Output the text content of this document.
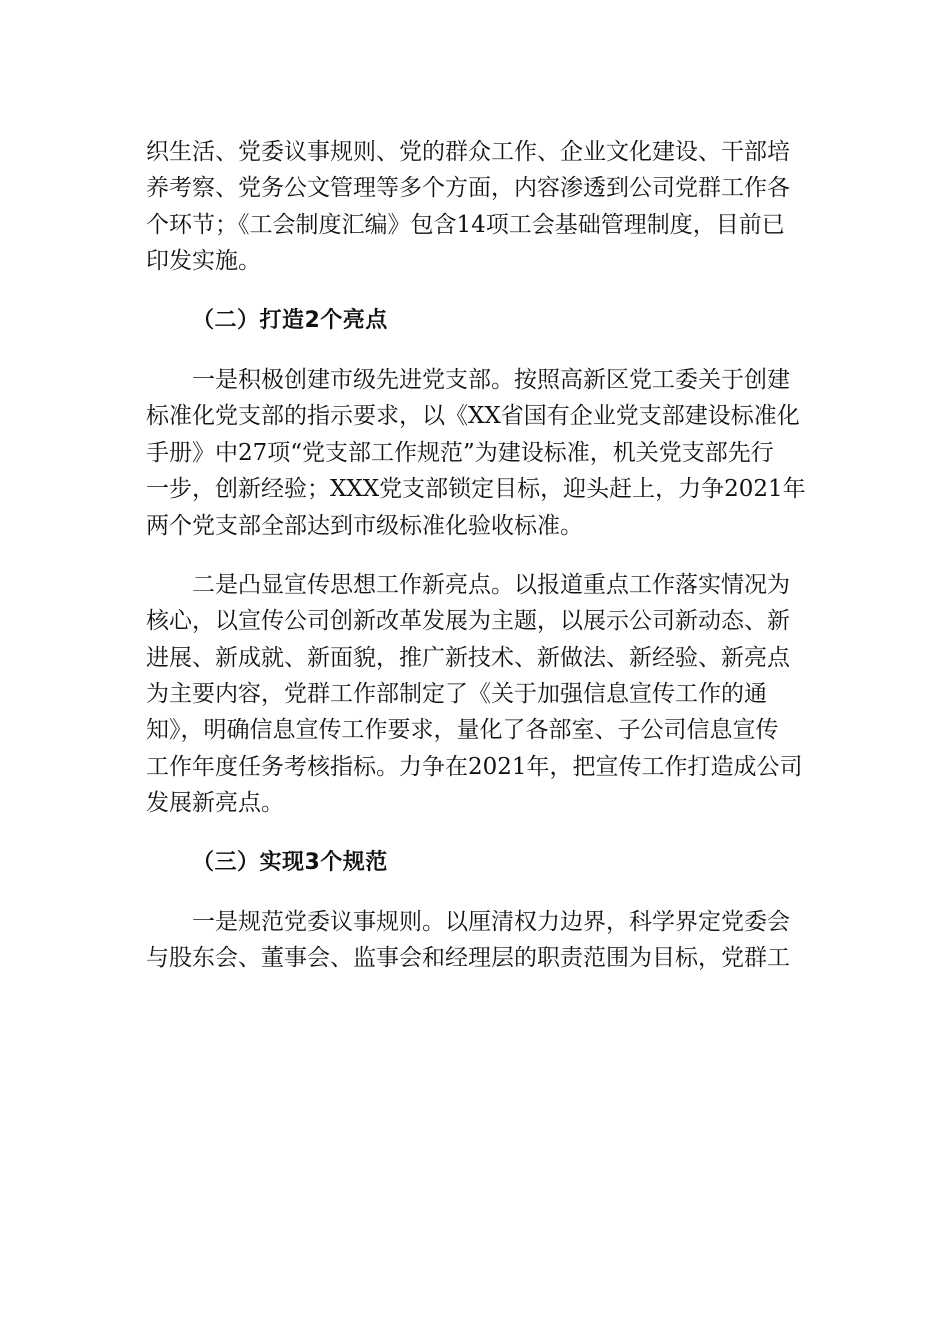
织生活、党委议事规则、党的群众工作、企业文化建设、干部培
养考察、党务公文管理等多个方面，内容渗透到公司党群工作各
个环节；《工会制度汇编》包含14项工会基础管理制度，目前已
印发实施。
（二）打造2个亮点
一是积极创建市级先进党支部。按照高新区党工委关于创建
标准化党支部的指示要求，以《XX省国有企业党支部建设标准化
手册》中27项“党支部工作规范”为建设标准，机关党支部先行
一步，创新经验；XXX党支部锁定目标，迎头赶上，力争2021年
两个党支部全部达到市级标准化验收标准。
二是凸显宣传思想工作新亮点。以报道重点工作落实情况为
核心，以宣传公司创新改革发展为主题，以展示公司新动态、新
进展、新成就、新面貌，推广新技术、新做法、新经验、新亮点
为主要内容，党群工作部制定了《关于加强信息宣传工作的通
知》，明确信息宣传工作要求，量化了各部室、子公司信息宣传
工作年度任务考核指标。力争在2021年，把宣传工作打造成公司
发展新亮点。
（三）实现3个规范
一是规范党委议事规则。以厘清权力边界，科学界定党委会
与股东会、董事会、监事会和经理层的职责范围为目标，党群工
